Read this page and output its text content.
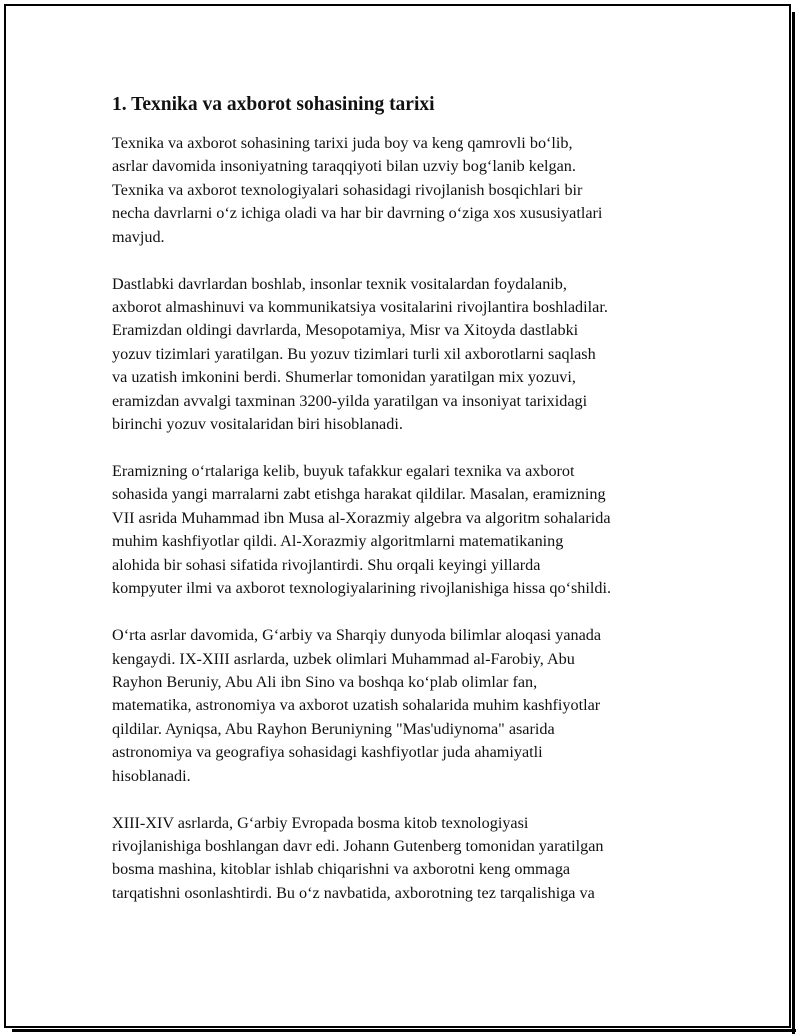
1. Texnika va axborot sohasining tarixi

Texnika va axborot sohasining tarixi juda boy va keng qamrovli bo‘lib,
asrlar davomida insoniyatning taraqqiyoti bilan uzviy bog‘lanib kelgan.
Texnika va axborot texnologiyalari sohasidagi rivojlanish bosqichlari bir
necha davrlarni o‘z ichiga oladi va har bir davrning o‘ziga xos xususiyatlari
mavjud.

Dastlabki davrlardan boshlab, insonlar texnik vositalardan foydalanib,
axborot almashinuvi va kommunikatsiya vositalarini rivojlantira boshladilar.
Eramizdan oldingi davrlarda, Mesopotamiya, Misr va Xitoyda dastlabki
yozuv tizimlari yaratilgan. Bu yozuv tizimlari turli xil axborotlarni saqlash
va uzatish imkonini berdi. Shumerlar tomonidan yaratilgan mix yozuvi,
eramizdan avvalgi taxminan 3200-yilda yaratilgan va insoniyat tarixidagi
birinchi yozuv vositalaridan biri hisoblanadi.

Eramizning o‘rtalariga kelib, buyuk tafakkur egalari texnika va axborot
sohasida yangi marralarni zabt etishga harakat qildilar. Masalan, eramizning
VII asrida Muhammad ibn Musa al-Xorazmiy algebra va algoritm sohalarida
muhim kashfiyotlar qildi. Al-Xorazmiy algoritmlarni matematikaning
alohida bir sohasi sifatida rivojlantirdi. Shu orqali keyingi yillarda
kompyuter ilmi va axborot texnologiyalarining rivojlanishiga hissa qo‘shildi.

O‘rta asrlar davomida, G‘arbiy va Sharqiy dunyoda bilimlar aloqasi yanada
kengaydi. IX-XIII asrlarda, uzbek olimlari Muhammad al-Farobiy, Abu
Rayhon Beruniy, Abu Ali ibn Sino va boshqa ko‘plab olimlar fan,
matematika, astronomiya va axborot uzatish sohalarida muhim kashfiyotlar
qildilar. Ayniqsa, Abu Rayhon Beruniyning "Mas'udiynoma" asarida
astronomiya va geografiya sohasidagi kashfiyotlar juda ahamiyatli
hisoblanadi.

XIII-XIV asrlarda, G‘arbiy Evropada bosma kitob texnologiyasi
rivojlanishiga boshlangan davr edi. Johann Gutenberg tomonidan yaratilgan
bosma mashina, kitoblar ishlab chiqarishni va axborotni keng ommaga
tarqatishni osonlashtirdi. Bu o‘z navbatida, axborotning tez tarqalishiga va
